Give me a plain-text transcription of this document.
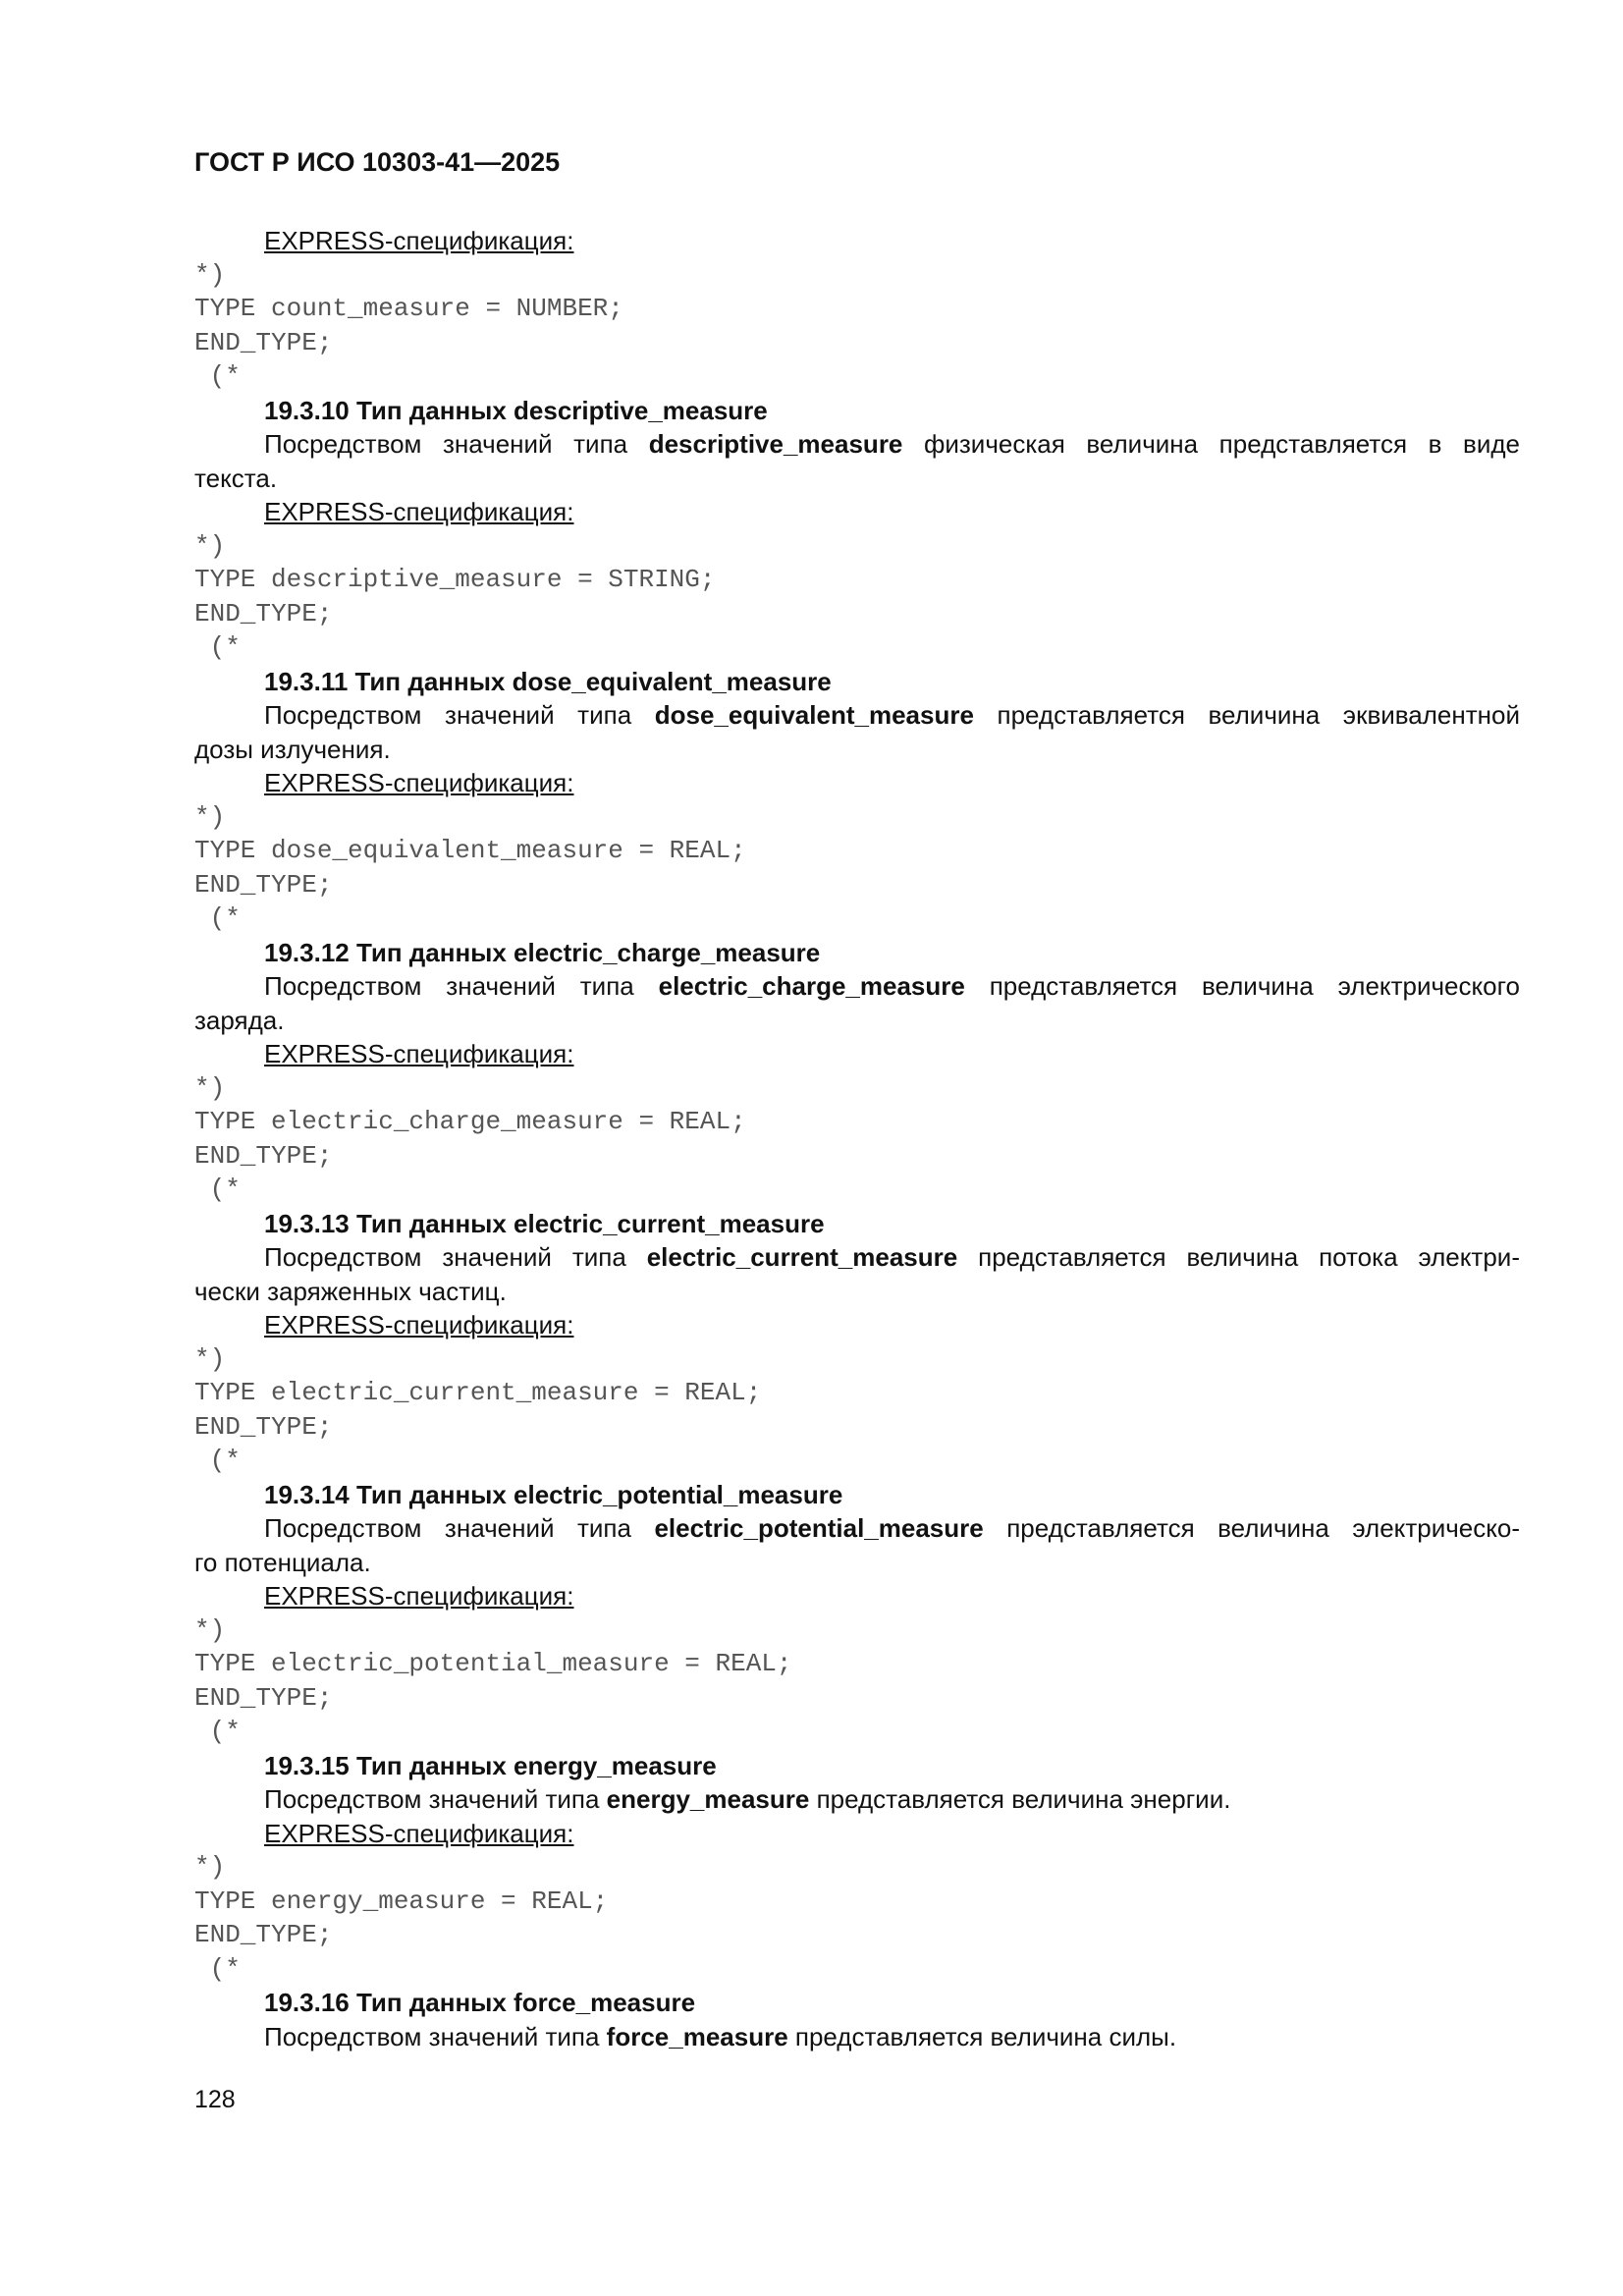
ГОСТ Р ИСО 10303-41—2025
EXPRESS-спецификация:
*)
TYPE count_measure = NUMBER;
END_TYPE;
(*
19.3.10 Тип данных descriptive_measure
Посредством значений типа descriptive_measure физическая величина представляется в виде
текста.
EXPRESS-спецификация:
*)
TYPE descriptive_measure = STRING;
END_TYPE;
(*
19.3.11 Тип данных dose_equivalent_measure
Посредством значений типа dose_equivalent_measure представляется величина эквивалентной
дозы излучения.
EXPRESS-спецификация:
*)
TYPE dose_equivalent_measure = REAL;
END_TYPE;
(*
19.3.12 Тип данных electric_charge_measure
Посредством значений типа electric_charge_measure представляется величина электрического
заряда.
EXPRESS-спецификация:
*)
TYPE electric_charge_measure = REAL;
END_TYPE;
(*
19.3.13 Тип данных electric_current_measure
Посредством значений типа electric_current_measure представляется величина потока электри-
чески заряженных частиц.
EXPRESS-спецификация:
*)
TYPE electric_current_measure = REAL;
END_TYPE;
(*
19.3.14 Тип данных electric_potential_measure
Посредством значений типа electric_potential_measure представляется величина электрическо-
го потенциала.
EXPRESS-спецификация:
*)
TYPE electric_potential_measure = REAL;
END_TYPE;
(*
19.3.15 Тип данных energy_measure
Посредством значений типа energy_measure представляется величина энергии.
EXPRESS-спецификация:
*)
TYPE energy_measure = REAL;
END_TYPE;
(*
19.3.16 Тип данных force_measure
Посредством значений типа force_measure представляется величина силы.
128
